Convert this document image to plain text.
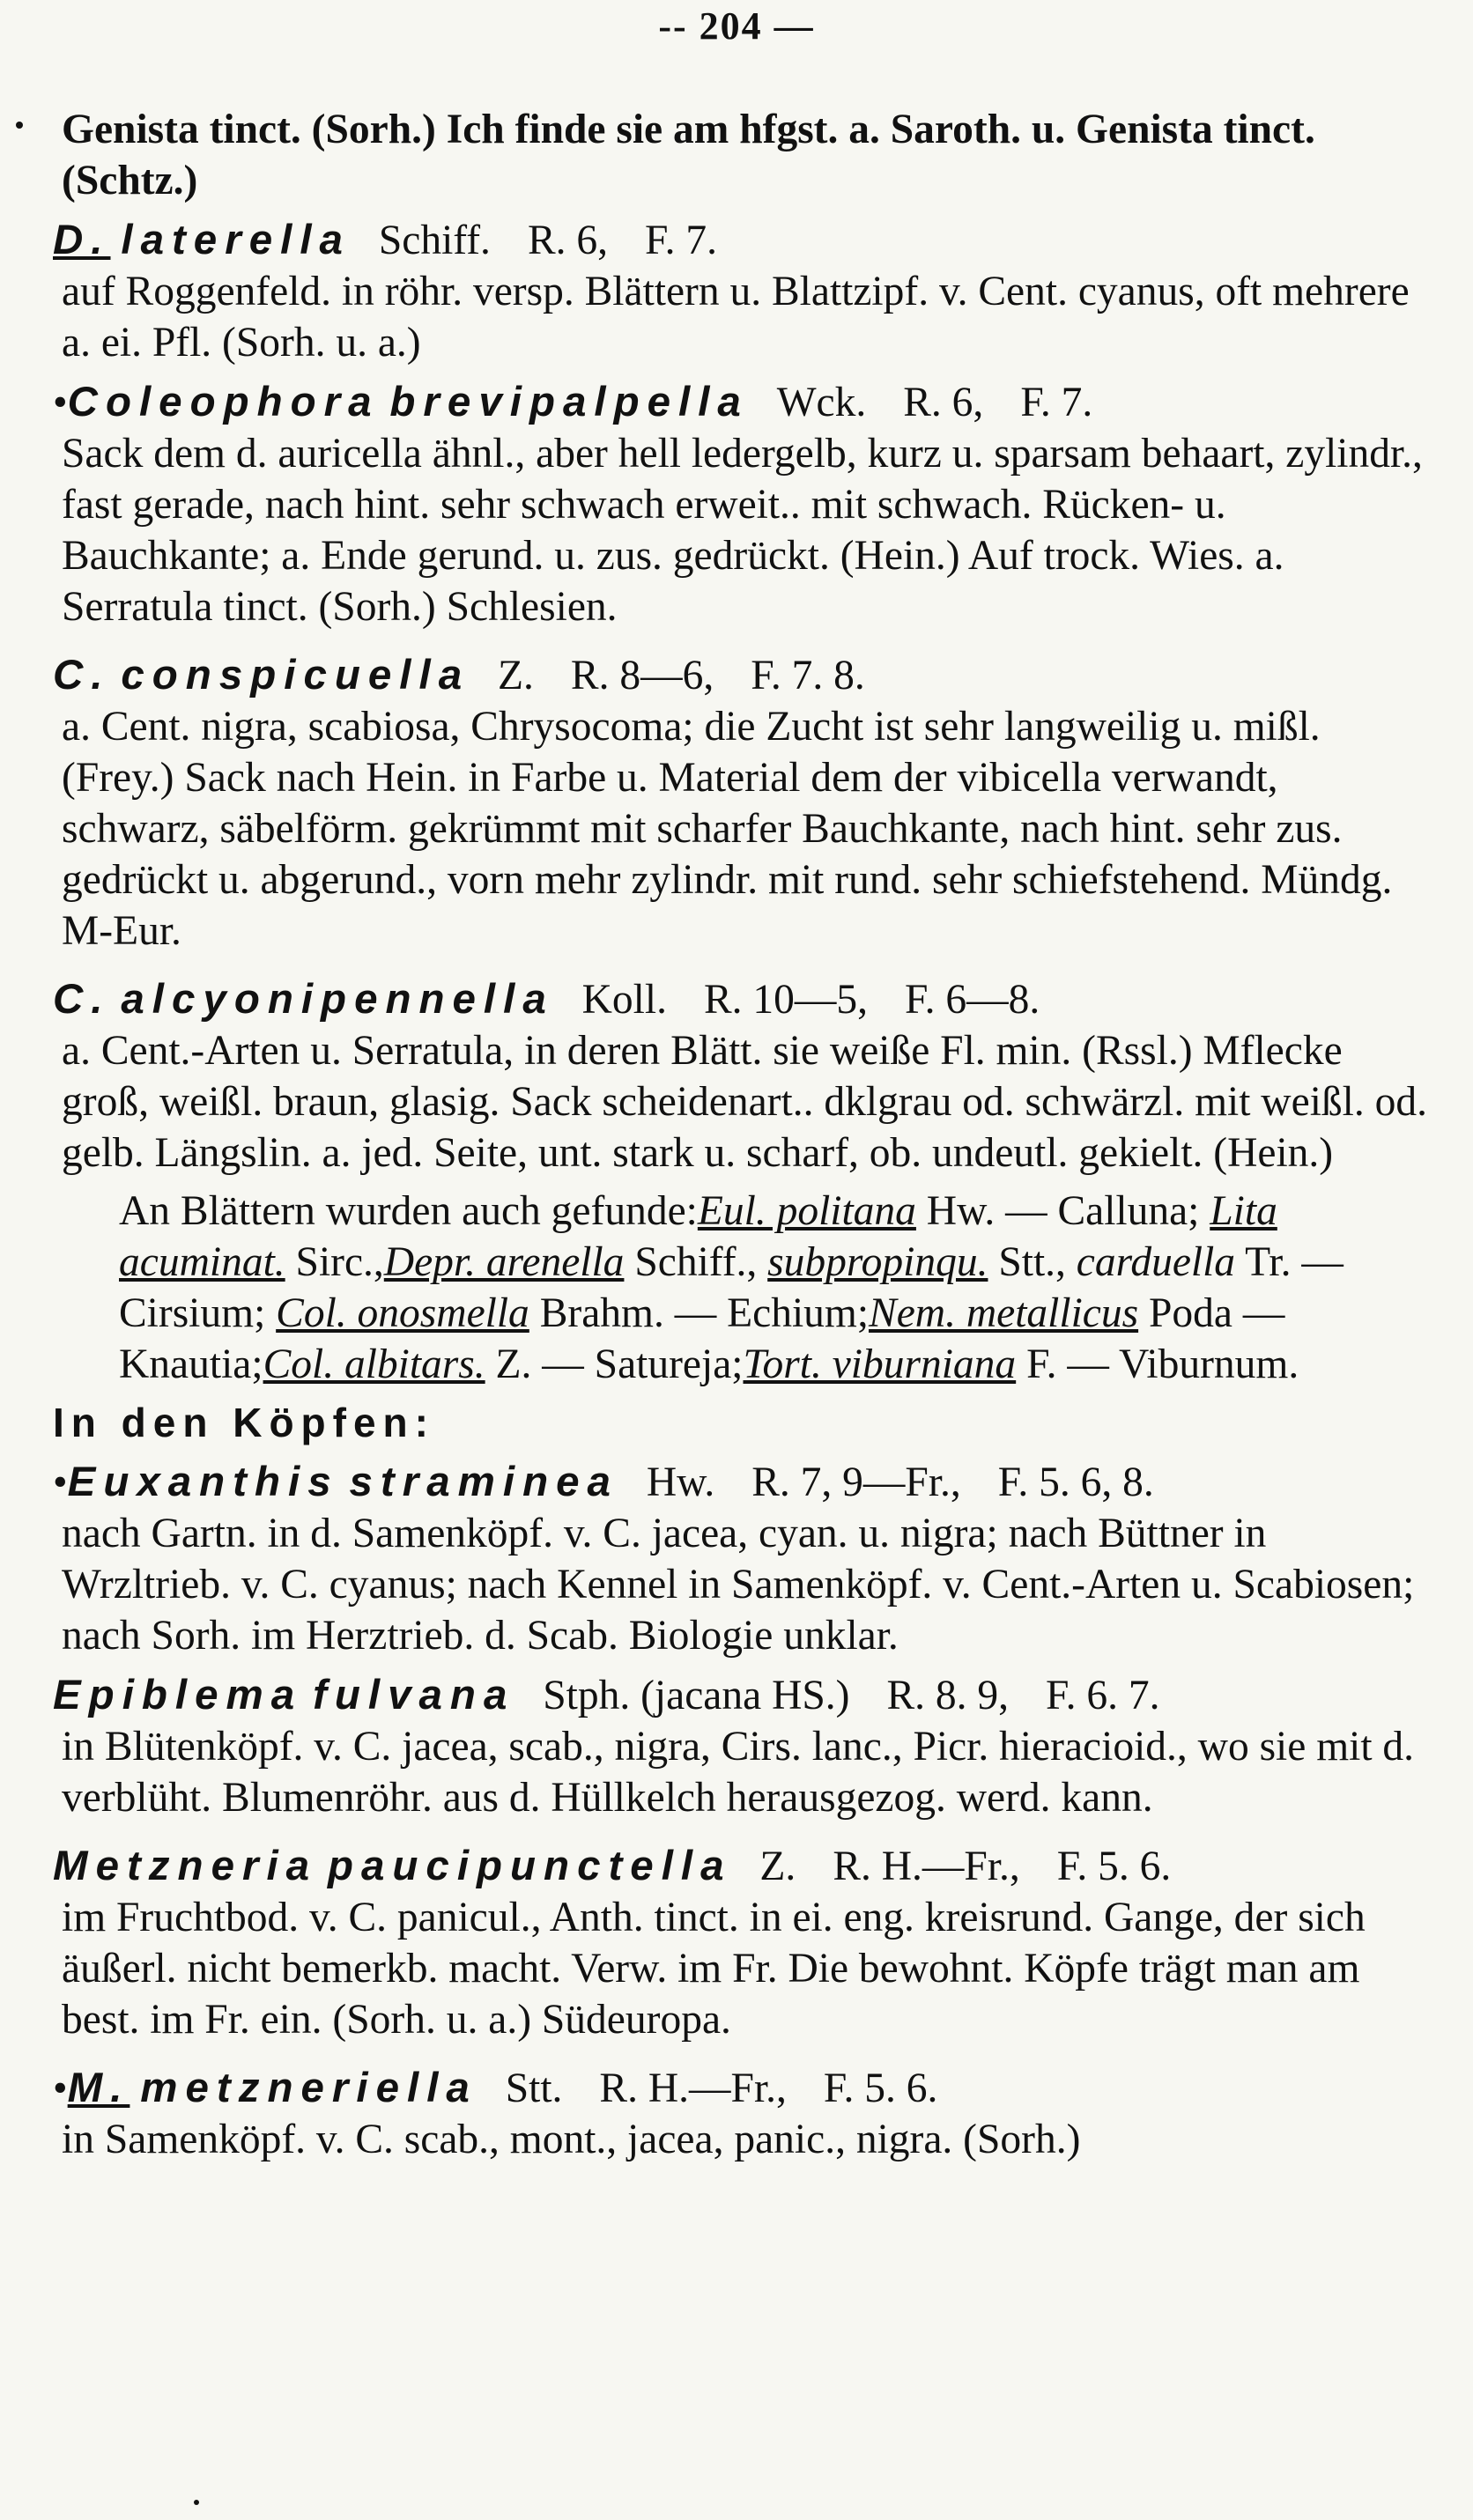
-- 204 —

Genista tinct. (Sorh.) Ich finde sie am hfgst. a. Saroth. u. Genista tinct. (Schtz.)

D. laterella Schiff. R. 6, F. 7.

auf Roggenfeld. in röhr. versp. Blättern u. Blattzipf. v. Cent. cyanus, oft mehrere a. ei. Pfl. (Sorh. u. a.)

•Coleophora brevipalpella Wck. R. 6, F. 7.

Sack dem d. auricella ähnl., aber hell ledergelb, kurz u. sparsam behaart, zylindr., fast gerade, nach hint. sehr schwach erweit.. mit schwach. Rücken- u. Bauchkante; a. Ende gerund. u. zus. gedrückt. (Hein.) Auf trock. Wies. a. Serratula tinct. (Sorh.) Schlesien.

C. conspicuella Z. R. 8—6, F. 7. 8.

a. Cent. nigra, scabiosa, Chrysocoma; die Zucht ist sehr langweilig u. mißl. (Frey.) Sack nach Hein. in Farbe u. Material dem der vibicella verwandt, schwarz, säbelförm. gekrümmt mit scharfer Bauchkante, nach hint. sehr zus. gedrückt u. abgerund., vorn mehr zylindr. mit rund. sehr schiefstehend. Mündg. M-Eur.

C. alcyonipennella Koll. R. 10—5, F. 6—8.

a. Cent.-Arten u. Serratula, in deren Blätt. sie weiße Fl. min. (Rssl.) Mflecke groß, weißl. braun, glasig. Sack scheidenart.. dklgrau od. schwärzl. mit weißl. od. gelb. Längslin. a. jed. Seite, unt. stark u. scharf, ob. undeutl. gekielt. (Hein.)

An Blättern wurden auch gefunde:Eul. politana Hw. — Calluna; Lita acuminat. Sirc.,Depr. arenella Schiff., subpropinqu. Stt., carduella Tr. — Cirsium; Col. onosmella Brahm. — Echium;Nem. metallicus Poda — Knautia;Col. albitars. Z. — Satureja;Tort. viburniana F. — Viburnum.

In den Köpfen:

•Euxanthis straminea Hw. R. 7, 9—Fr., F. 5. 6, 8.

nach Gartn. in d. Samenköpf. v. C. jacea, cyan. u. nigra; nach Büttner in Wrzltrieb. v. C. cyanus; nach Kennel in Samenköpf. v. Cent.-Arten u. Scabiosen; nach Sorh. im Herztrieb. d. Scab. Biologie unklar.

Epiblema fulvana Stph. (jacana HS.) R. 8. 9, F. 6. 7.

in Blütenköpf. v. C. jacea, scab., nigra, Cirs. lanc., Picr. hieracioid., wo sie mit d. verblüht. Blumenröhr. aus d. Hüllkelch herausgezog. werd. kann.

Metzneria paucipunctella Z. R. H.—Fr., F. 5. 6.

im Fruchtbod. v. C. panicul., Anth. tinct. in ei. eng. kreisrund. Gange, der sich äußerl. nicht bemerkb. macht. Verw. im Fr. Die bewohnt. Köpfe trägt man am best. im Fr. ein. (Sorh. u. a.) Südeuropa.

•M. metzneriella Stt. R. H.—Fr., F. 5. 6.

in Samenköpf. v. C. scab., mont., jacea, panic., nigra. (Sorh.)
